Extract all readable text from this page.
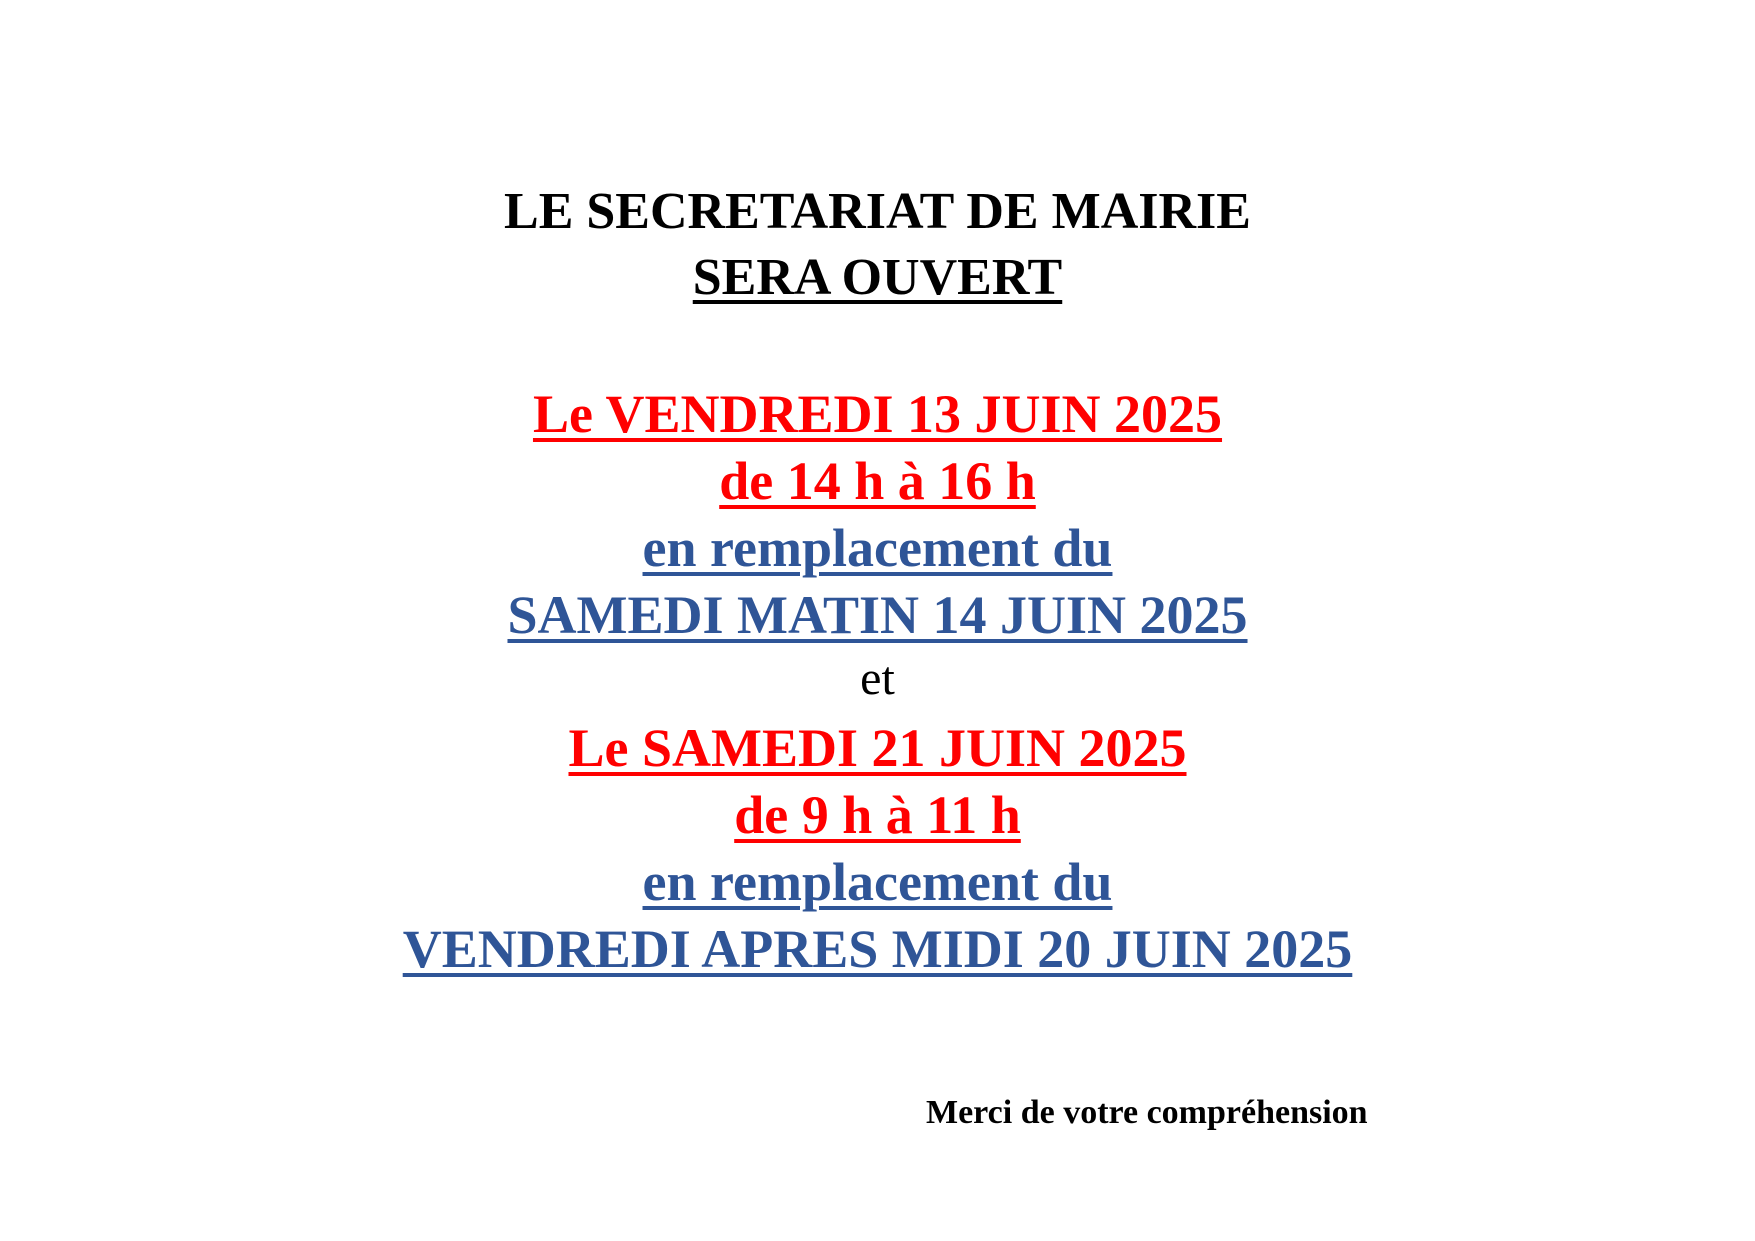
LE SECRETARIAT DE MAIRIE
SERA OUVERT
Le VENDREDI 13 JUIN 2025
de 14 h à 16 h
en remplacement du
SAMEDI MATIN 14 JUIN 2025
et
Le SAMEDI 21 JUIN 2025
de 9 h à 11 h
en remplacement du
VENDREDI APRES MIDI 20 JUIN 2025
Merci de votre compréhension
